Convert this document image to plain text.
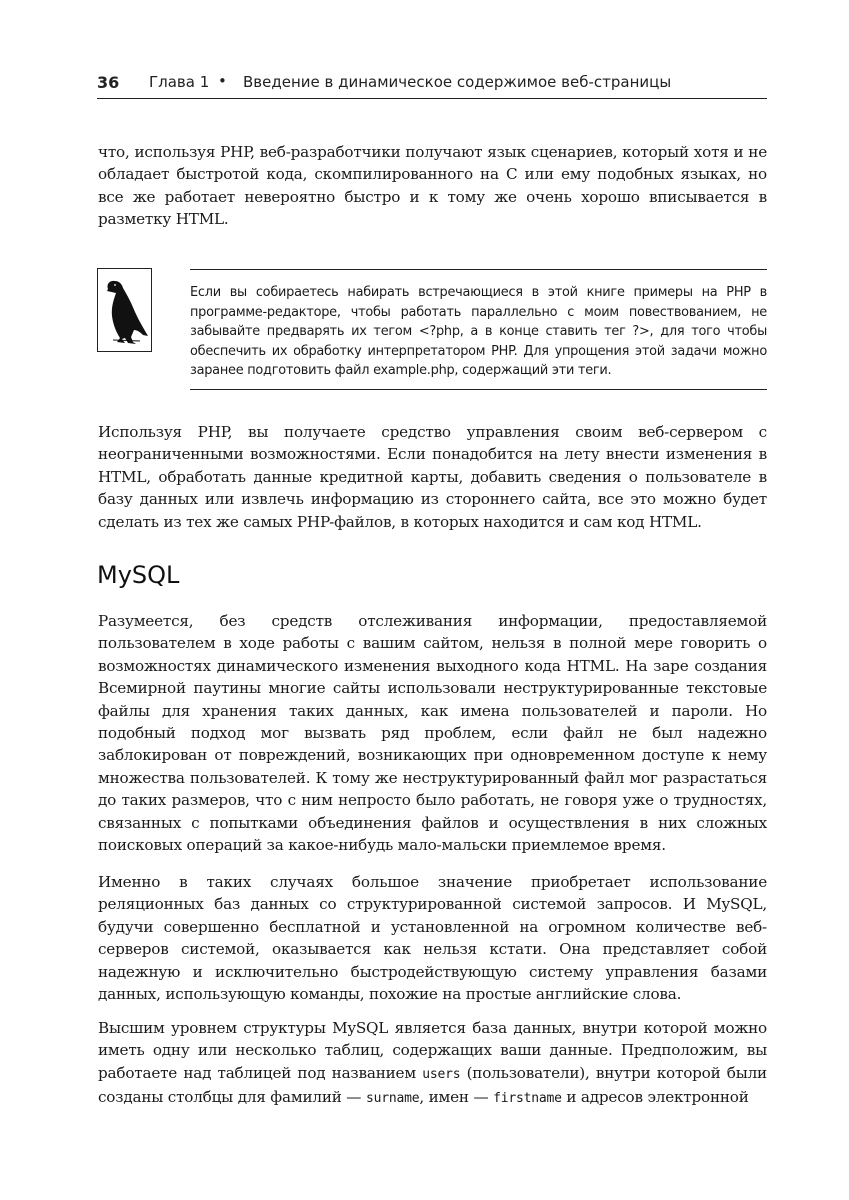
36 Глава 1 • Введение в динамическое содержимое веб-страницы

что, используя PHP, веб-разработчики получают язык сценариев, который хотя и не обладает быстротой кода, скомпилированного на C или ему подобных языках, но все же работает невероятно быстро и к тому же очень хорошо вписывается в разметку HTML.

Если вы собираетесь набирать встречающиеся в этой книге примеры на PHP в программе-редакторе, чтобы работать параллельно с моим повествованием, не забывайте предварять их тегом <?php, а в конце ставить тег ?>, для того чтобы обеспечить их обработку интерпретатором PHP. Для упрощения этой задачи можно заранее подготовить файл example.php, содержащий эти теги.

Используя PHP, вы получаете средство управления своим веб-сервером с неограниченными возможностями. Если понадобится на лету внести изменения в HTML, обработать данные кредитной карты, добавить сведения о пользователе в базу данных или извлечь информацию из стороннего сайта, все это можно будет сделать из тех же самых PHP-файлов, в которых находится и сам код HTML.

MySQL

Разумеется, без средств отслеживания информации, предоставляемой пользователем в ходе работы с вашим сайтом, нельзя в полной мере говорить о возможностях динамического изменения выходного кода HTML. На заре создания Всемирной паутины многие сайты использовали неструктурированные текстовые файлы для хранения таких данных, как имена пользователей и пароли. Но подобный подход мог вызвать ряд проблем, если файл не был надежно заблокирован от повреждений, возникающих при одновременном доступе к нему множества пользователей. К тому же неструктурированный файл мог разрастаться до таких размеров, что с ним непросто было работать, не говоря уже о трудностях, связанных с попытками объединения файлов и осуществления в них сложных поисковых операций за какое-нибудь мало-мальски приемлемое время.

Именно в таких случаях большое значение приобретает использование реляционных баз данных со структурированной системой запросов. И MySQL, будучи совершенно бесплатной и установленной на огромном количестве веб-серверов системой, оказывается как нельзя кстати. Она представляет собой надежную и исключительно быстродействующую систему управления базами данных, использующую команды, похожие на простые английские слова.

Высшим уровнем структуры MySQL является база данных, внутри которой можно иметь одну или несколько таблиц, содержащих ваши данные. Предположим, вы работаете над таблицей под названием users (пользователи), внутри которой были созданы столбцы для фамилий — surname, имен — firstname и адресов электронной
